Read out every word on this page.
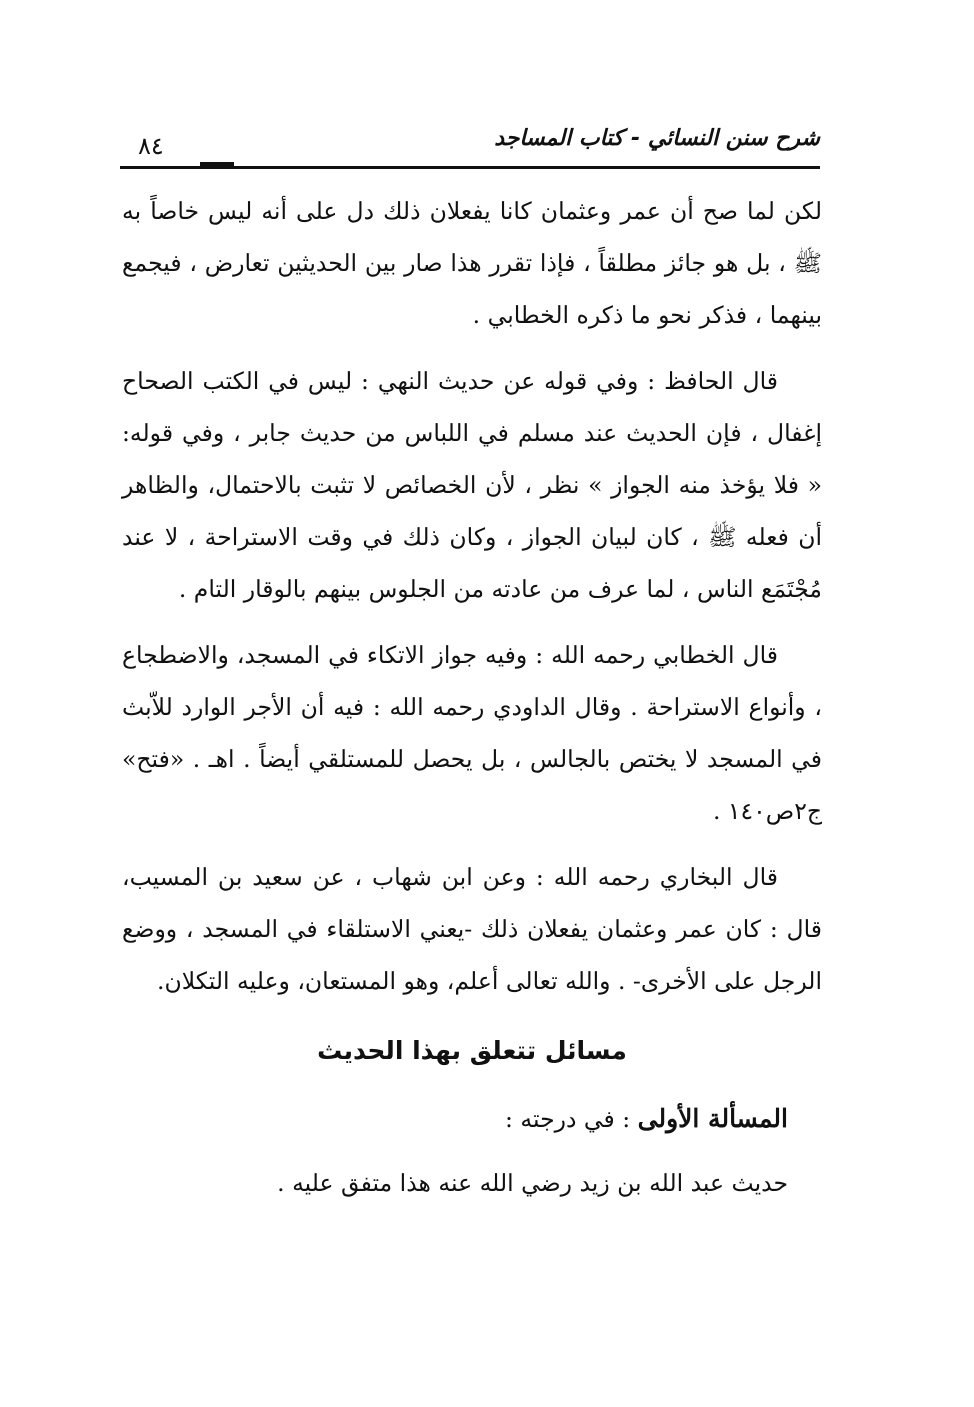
شرح سنن النسائي - كتاب المساجد
٨٤

لكن لما صح أن عمر وعثمان كانا يفعلان ذلك دل على أنه ليس خاصاً به ﷺ ، بل هو جائز مطلقاً ، فإذا تقرر هذا صار بين الحديثين تعارض ، فيجمع بينهما ، فذكر نحو ما ذكره الخطابي .

قال الحافظ : وفي قوله عن حديث النهي : ليس في الكتب الصحاح إغفال ، فإن الحديث عند مسلم في اللباس من حديث جابر ، وفي قوله: « فلا يؤخذ منه الجواز » نظر ، لأن الخصائص لا تثبت بالاحتمال، والظاهر أن فعله ﷺ ، كان لبيان الجواز ، وكان ذلك في وقت الاستراحة ، لا عند مُجْتَمَع الناس ، لما عرف من عادته من الجلوس بينهم بالوقار التام .

قال الخطابي رحمه الله : وفيه جواز الاتكاء في المسجد، والاضطجاع ، وأنواع الاستراحة . وقال الداودي رحمه الله : فيه أن الأجر الوارد للاّبث في المسجد لا يختص بالجالس ، بل يحصل للمستلقي أيضاً . اهـ . «فتح» ج٢ص١٤٠ .

قال البخاري رحمه الله : وعن ابن شهاب ، عن سعيد بن المسيب، قال : كان عمر وعثمان يفعلان ذلك -يعني الاستلقاء في المسجد ، ووضع الرجل على الأخرى- . والله تعالى أعلم، وهو المستعان، وعليه التكلان.

مسائل تتعلق بهذا الحديث
المسألة الأولى : في درجته :
حديث عبد الله بن زيد رضي الله عنه هذا متفق عليه .
